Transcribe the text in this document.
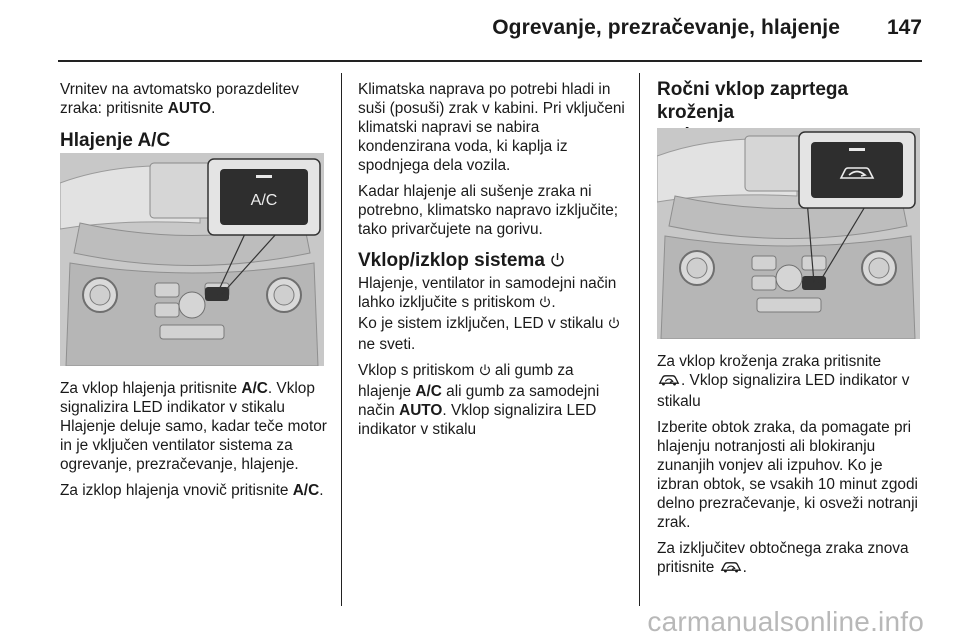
Ogrevanje, prezračevanje, hlajenje	147

Vrnitev na avtomatsko porazdelitev zraka: pritisnite AUTO.

Hlajenje A/C
A/C

Za vklop hlajenja pritisnite A/C. Vklop signalizira LED indikator v stikalu Hlajenje deluje samo, kadar teče motor in je vključen ventilator sistema za ogrevanje, prezračevanje, hlajenje.

Za izklop hlajenja vnovič pritisnite A/C.

Klimatska naprava po potrebi hladi in suši (posuši) zrak v kabini. Pri vključeni klimatski napravi se nabira kondenzirana voda, ki kaplja iz spodnjega dela vozila.

Kadar hlajenje ali sušenje zraka ni potrebno, klimatsko napravo izključite; tako privarčujete na gorivu.

Vklop/izklop sistema

Hlajenje, ventilator in samodejni način lahko izključite s pritiskom .
Ko je sistem izključen, LED v stikalu  ne sveti.

Vklop s pritiskom  ali gumb za hlajenje A/C ali gumb za samodejni način AUTO. Vklop signalizira LED indikator v stikalu

Ročni vklop zaprtega kroženja

Za vklop kroženja zraka pritisnite
. Vklop signalizira LED indikator v stikalu

Izberite obtok zraka, da pomagate pri hlajenju notranjosti ali blokiranju zunanjih vonjev ali izpuhov. Ko je izbran obtok, se vsakih 10 minut zgodi delno prezračevanje, ki osveži notranji zrak.

Za izključitev obtočnega zraka znova pritisnite .

carmanualsonline.info
